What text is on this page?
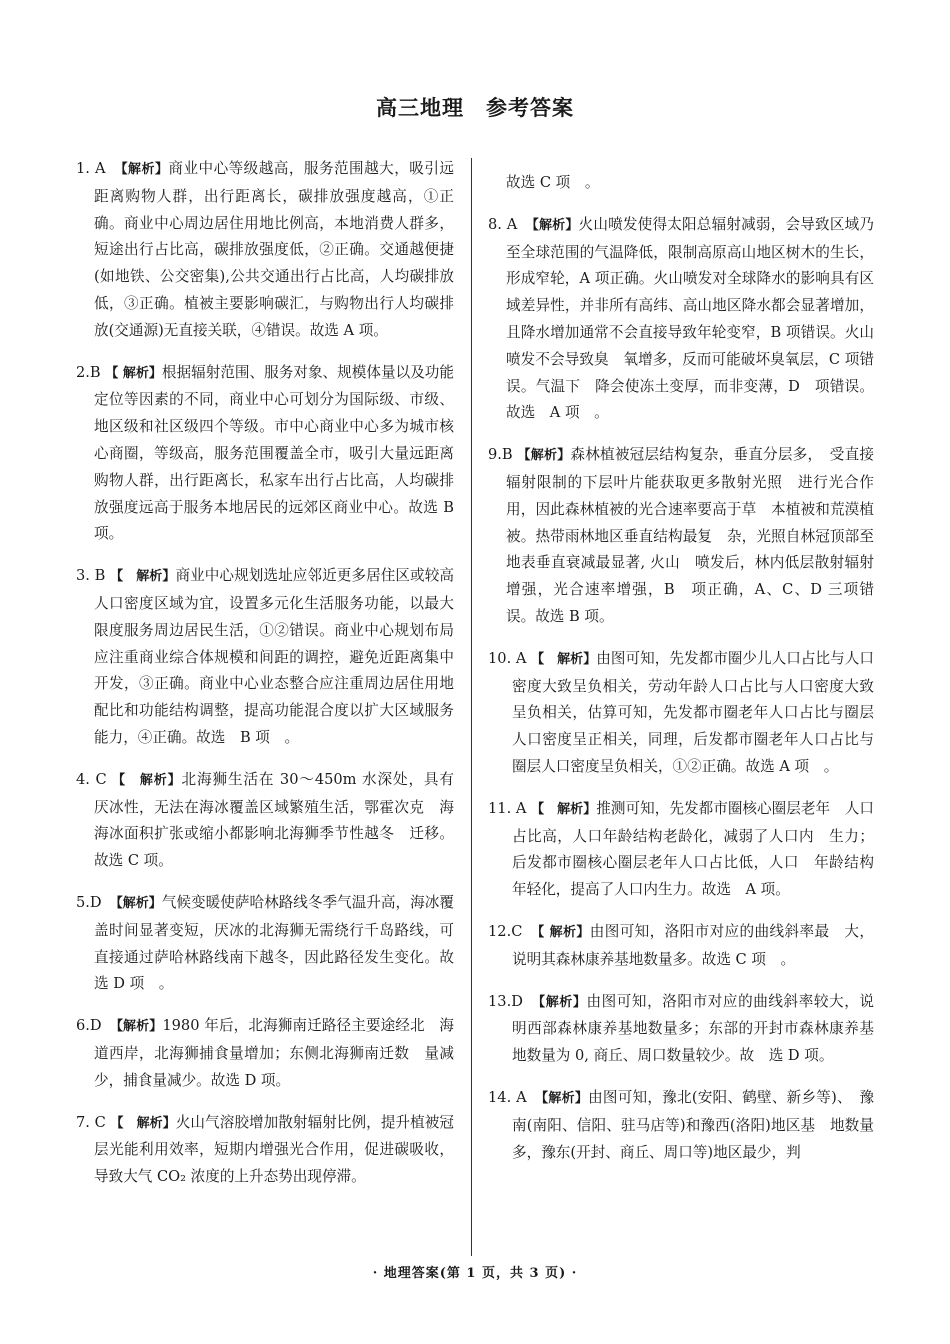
高三地理　参考答案
1. A　 【解析】商业中心等级越高，服务范围越大，吸引远距离购物人群，出行距离长，碳排放强度越高，①正确。商业中心周边居住用地比例高，本地消费人群多，短途出行占比高，碳排放强度低，②正确。交通越便捷(如地铁、公交密集),公共交通出行占比高，人均碳排放低，③正确。植被主要影响碳汇，与购物出行人均碳排放(交通源)无直接关联，④错误。故选 A 项。
2.B 【 解析】根据辐射范围、服务对象、规模体量以及功能定位等因素的不同，商业中心可划分为国际级、市级、地区级和社区级四个等级。市中心商业中心多为城市核心商圈，等级高，服务范围覆盖全市，吸引大量远距离购物人群，出行距离长，私家车出行占比高，人均碳排放强度远高于服务本地居民的远郊区商业中心。故选 B 项。
3. B 【　解析】商业中心规划选址应邻近更多居住区或较高人口密度区域为宜，设置多元化生活服务功能，以最大限度服务周边居民生活，①②错误。商业中心规划布局应注重商业综合体规模和间距的调控，避免近距离集中开发，③正确。商业中心业态整合应注重周边居住用地配比和功能结构调整，提高功能混合度以扩大区域服务能力，④正确。故选　B 项　。
4. C 【　解析】北海狮生活在 30～450m 水深处，具有　厌冰性，无法在海冰覆盖区域繁殖生活，鄂霍次克　海海冰面积扩张或缩小都影响北海狮季节性越冬　迁移。故选 C 项。
5.D　 【解析】气候变暖使萨哈林路线冬季气温升高，海冰覆盖时间显著变短，厌冰的北海狮无需绕行千岛路线，可直接通过萨哈林路线南下越冬，因此路径发生变化。故　选 D 项　。
6.D　 【解析】1980 年后，北海狮南迁路径主要途经北　海道西岸，北海狮捕食量增加；东侧北海狮南迁数　量减少，捕食量减少。故选 D 项。
7. C 【　解析】火山气溶胶增加散射辐射比例，提升植被冠层光能利用效率，短期内增强光合作用，促进碳吸收，导致大气 CO₂ 浓度的上升态势出现停滞。
故选 C 项　。
8. A　 【解析】火山喷发使得太阳总辐射减弱，会导致区域乃至全球范围的气温降低，限制高原高山地区树木的生长，形成窄轮，A 项正确。火山喷发对全球降水的影响具有区域差异性，并非所有高纬、高山地区降水都会显著增加，且降水增加通常不会直接导致年轮变窄，B 项错误。火山喷发不会导致臭　氧增多，反而可能破坏臭氧层，C 项错误。气温下　降会使冻土变厚，而非变薄，D　项错误。故选　A 项　。
9.B 【解析】森林植被冠层结构复杂，垂直分层多，　受直接辐射限制的下层叶片能获取更多散射光照　进行光合作用，因此森林植被的光合速率要高于草　本植被和荒漠植被。热带雨林地区垂直结构最复　杂，光照自林冠顶部至地表垂直衰减最显著, 火山　喷发后，林内低层散射辐射增强，光合速率增强，B　项正确，A、C、D 三项错误。故选 B 项。
10. A 【　解析】由图可知，先发都市圈少儿人口占比与人口密度大致呈负相关，劳动年龄人口占比与人口密度大致呈负相关，估算可知，先发都市圈老年人口占比与圈层人口密度呈正相关，同理，后发都市圈老年人口占比与圈层人口密度呈负相关，①②正确。故选 A 项　。
11. A 【　解析】推测可知，先发都市圈核心圈层老年　人口占比高，人口年龄结构老龄化，减弱了人口内　生力；后发都市圈核心圈层老年人口占比低，人口　年龄结构年轻化，提高了人口内生力。故选　A 项。
12.C　 【 解析】由图可知，洛阳市对应的曲线斜率最　大，说明其森林康养基地数量多。故选 C 项　。
13.D　 【解析】由图可知，洛阳市对应的曲线斜率较大，说明西部森林康养基地数量多；东部的开封市森林康养基地数量为 0, 商丘、周口数量较少。故　选 D 项。
14. A　 【解析】由图可知，豫北(安阳、鹤壁、新乡等)、　豫南(南阳、信阳、驻马店等)和豫西(洛阳)地区基　地数量多，豫东(开封、商丘、周口等)地区最少，判
· 地理答案(第 1 页，共 3 页) ·
